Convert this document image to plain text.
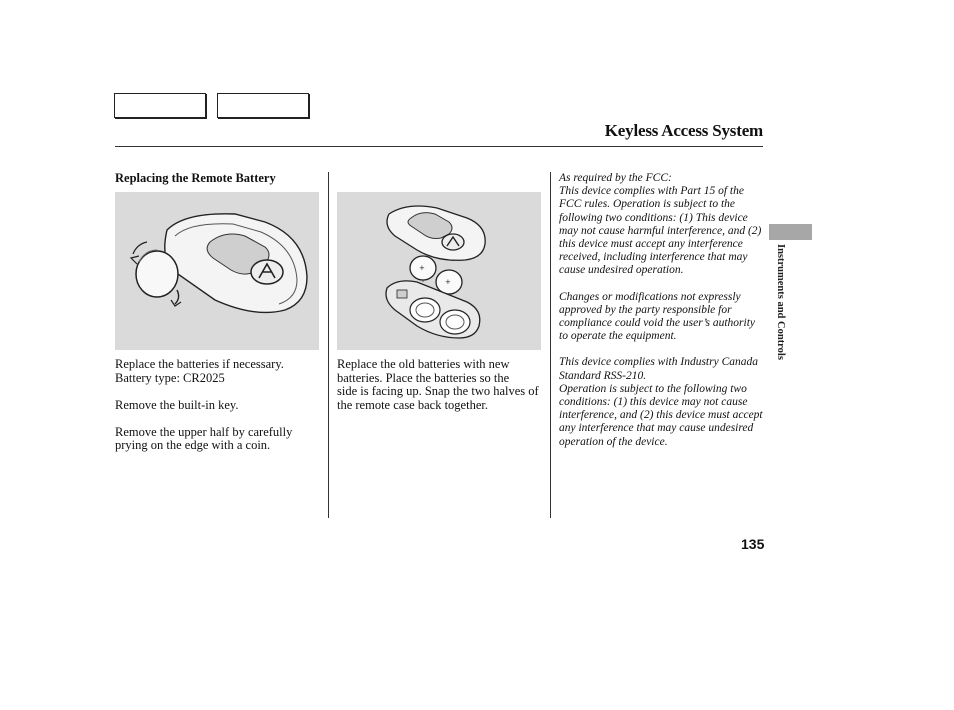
Keyless Access System
Replacing the Remote Battery
+
+

Replace the batteries if necessary. Battery type: CR2025

Remove the built-in key.

Remove the upper half by carefully prying on the edge with a coin.

Replace the old batteries with new batteries. Place the batteries so the      side is facing up. Snap the two halves of the remote case back together.

As required by the FCC:

This device complies with Part 15 of the FCC rules. Operation is subject to the following two conditions: (1) This device may not cause harmful interference, and (2) this device must accept any interference received, including interference that may cause undesired operation.

Changes or modifications not expressly approved by the party responsible for compliance could void the user’s authority to operate the equipment.

This device complies with Industry Canada Standard RSS-210.

Operation is subject to the following two conditions: (1) this device may not cause interference, and (2) this device must accept any interference that may cause undesired operation of the device.

Instruments and Controls
135
